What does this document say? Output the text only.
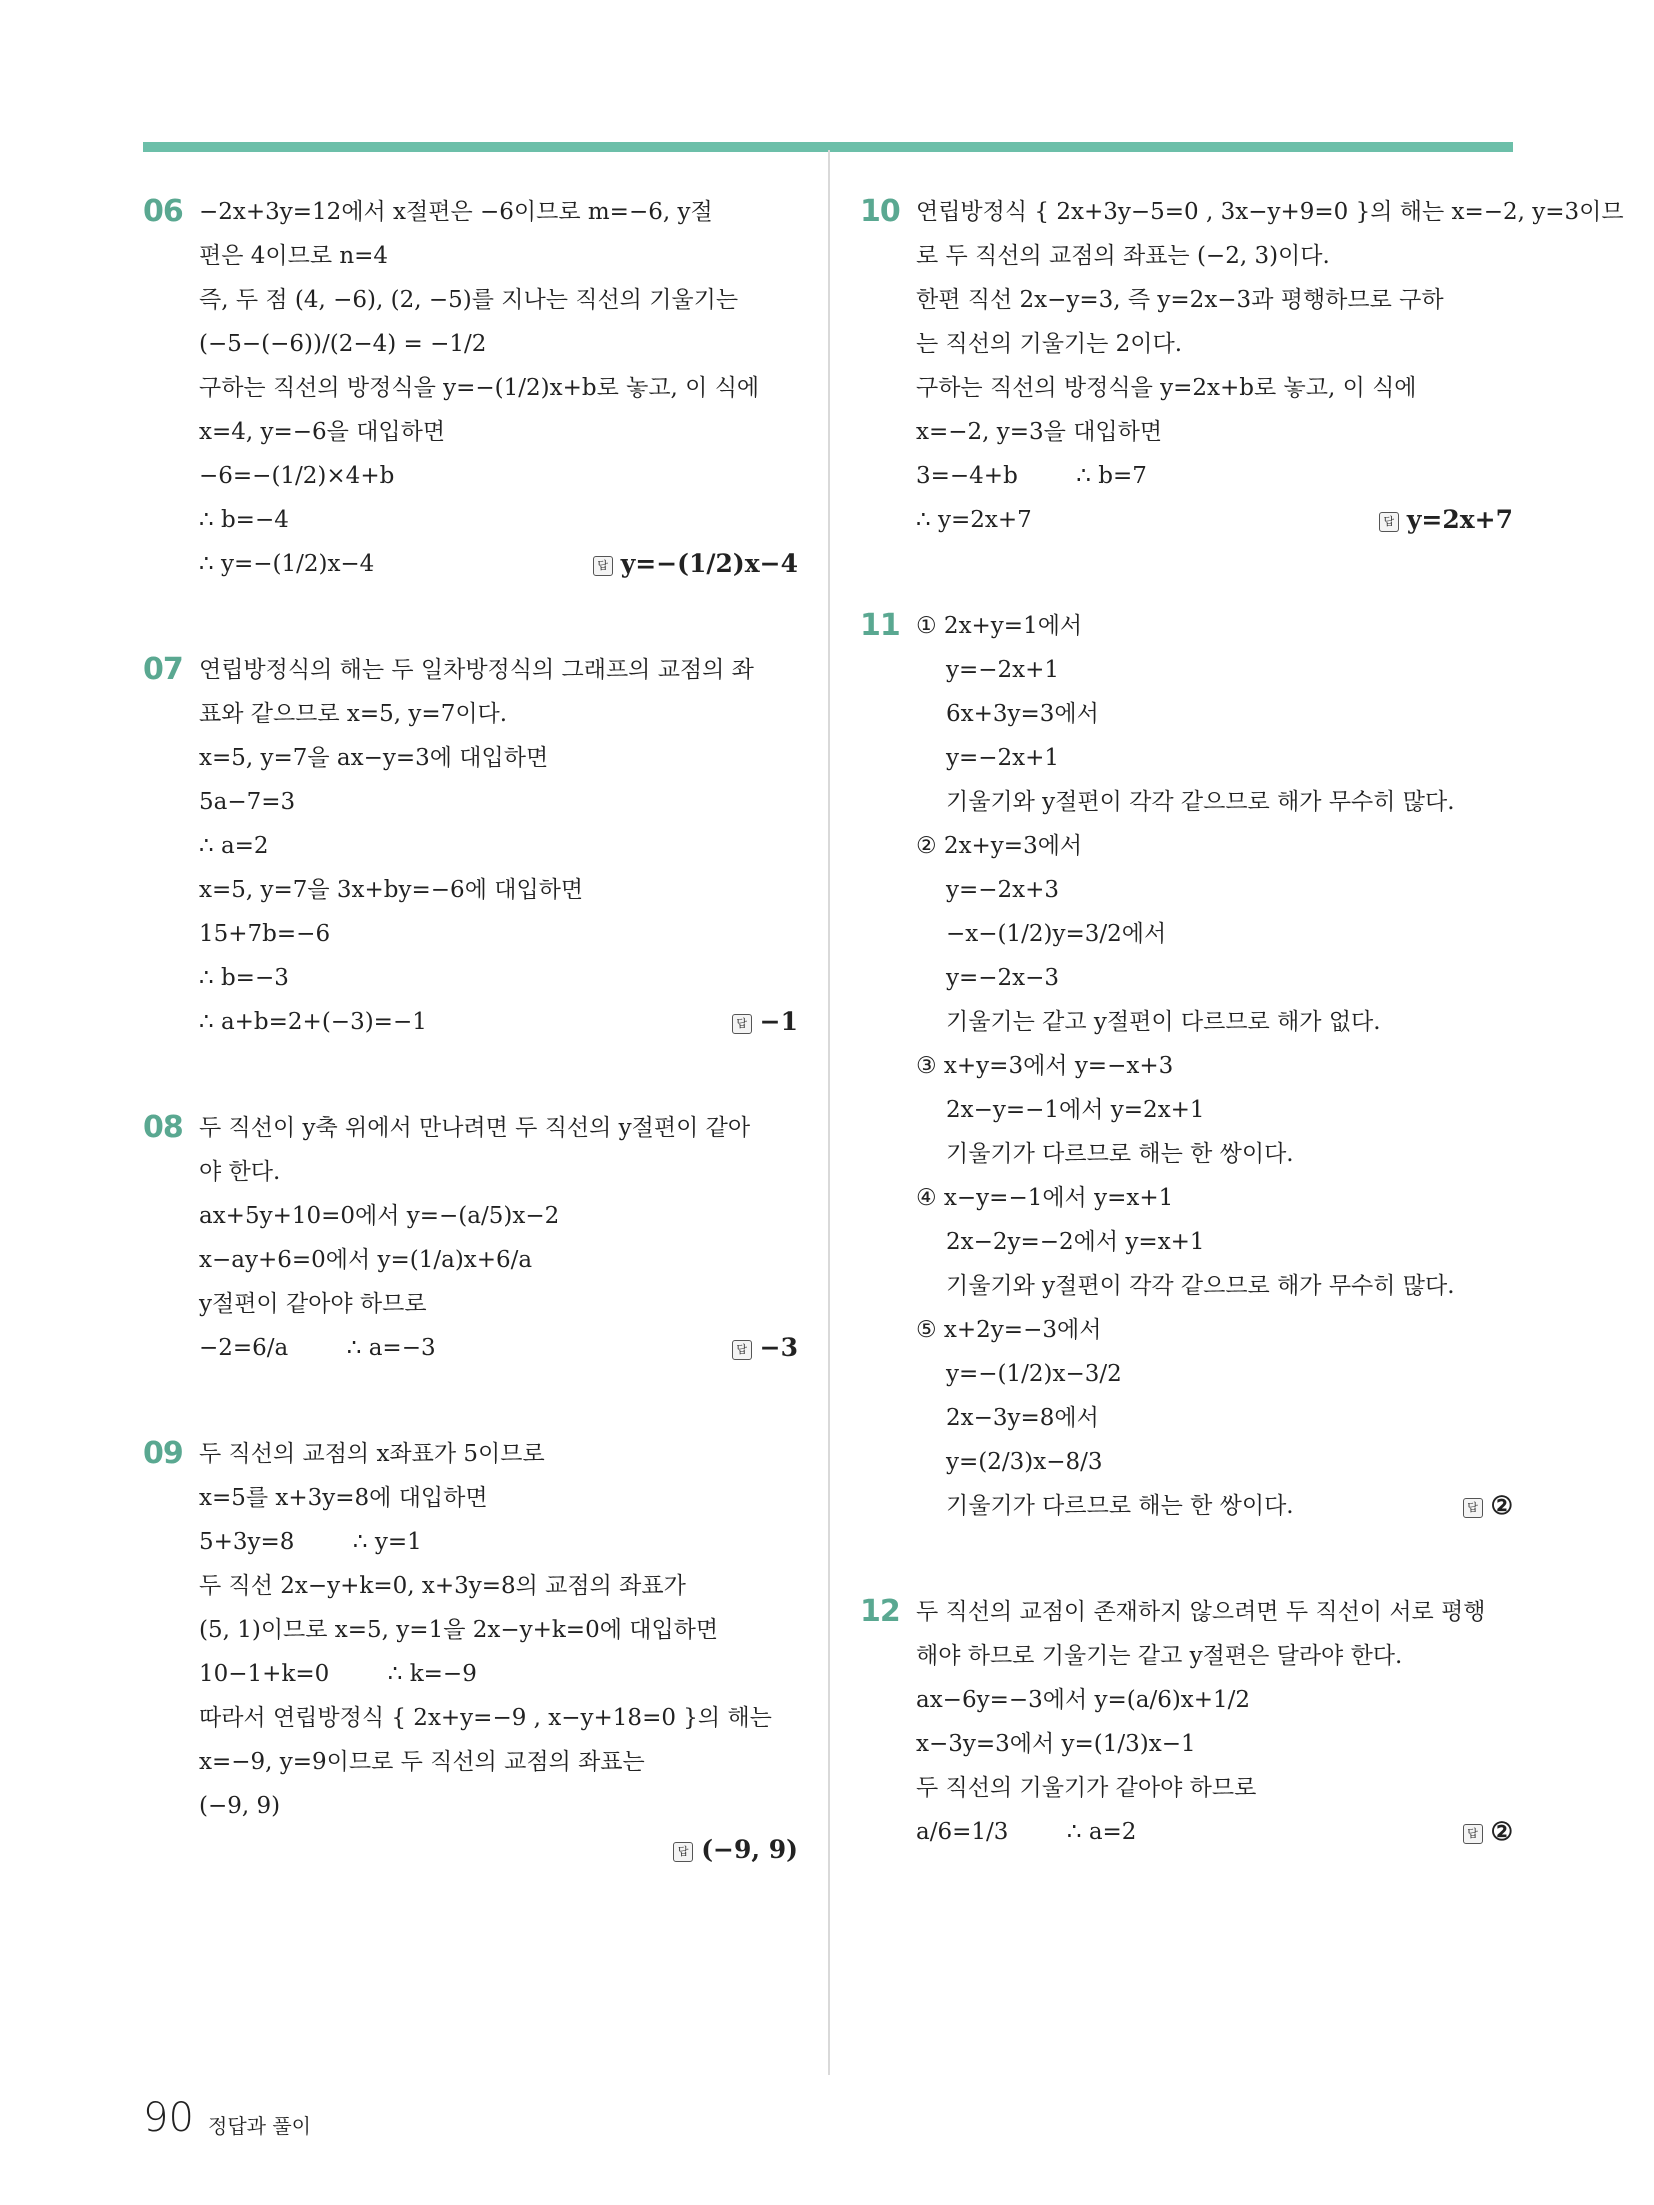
06 −2x+3y=12에서 x절편은 −6이므로 m=−6, y절
편은 4이므로 n=4
즉, 두 점 (4, −6), (2, −5)를 지나는 직선의 기울기는
(−5−(−6))/(2−4) = −1/2
구하는 직선의 방정식을 y=−(1/2)x+b로 놓고, 이 식에
x=4, y=−6을 대입하면
−6=−(1/2)×4+b
∴ b=−4
∴ y=−(1/2)x−4	답 y=−(1/2)x−4
07 연립방정식의 해는 두 일차방정식의 그래프의 교점의 좌
표와 같으므로 x=5, y=7이다.
x=5, y=7을 ax−y=3에 대입하면
5a−7=3
∴ a=2
x=5, y=7을 3x+by=−6에 대입하면
15+7b=−6
∴ b=−3
∴ a+b=2+(−3)=−1	답 −1
08 두 직선이 y축 위에서 만나려면 두 직선의 y절편이 같아
야 한다.
ax+5y+10=0에서 y=−(a/5)x−2
x−ay+6=0에서 y=(1/a)x+6/a
y절편이 같아야 하므로
−2=6/a        ∴ a=−3	답 −3
09 두 직선의 교점의 x좌표가 5이므로
x=5를 x+3y=8에 대입하면
5+3y=8        ∴ y=1
두 직선 2x−y+k=0, x+3y=8의 교점의 좌표가
(5, 1)이므로 x=5, y=1을 2x−y+k=0에 대입하면
10−1+k=0        ∴ k=−9
따라서 연립방정식 { 2x+y=−9 , x−y+18=0 }의 해는
x=−9, y=9이므로 두 직선의 교점의 좌표는
(−9, 9)

답 (−9, 9)
10 연립방정식 { 2x+3y−5=0 , 3x−y+9=0 }의 해는 x=−2, y=3이므
로 두 직선의 교점의 좌표는 (−2, 3)이다.
한편 직선 2x−y=3, 즉 y=2x−3과 평행하므로 구하
는 직선의 기울기는 2이다.
구하는 직선의 방정식을 y=2x+b로 놓고, 이 식에
x=−2, y=3을 대입하면
3=−4+b        ∴ b=7
∴ y=2x+7	답 y=2x+7
11 ① 2x+y=1에서
y=−2x+1
6x+3y=3에서
y=−2x+1
기울기와 y절편이 각각 같으므로 해가 무수히 많다.
② 2x+y=3에서
y=−2x+3
−x−(1/2)y=3/2에서
y=−2x−3
기울기는 같고 y절편이 다르므로 해가 없다.
③ x+y=3에서 y=−x+3
2x−y=−1에서 y=2x+1
기울기가 다르므로 해는 한 쌍이다.
④ x−y=−1에서 y=x+1
2x−2y=−2에서 y=x+1
기울기와 y절편이 각각 같으므로 해가 무수히 많다.
⑤ x+2y=−3에서
y=−(1/2)x−3/2
2x−3y=8에서
y=(2/3)x−8/3
기울기가 다르므로 해는 한 쌍이다.	답 ②
12 두 직선의 교점이 존재하지 않으려면 두 직선이 서로 평행
해야 하므로 기울기는 같고 y절편은 달라야 한다.
ax−6y=−3에서 y=(a/6)x+1/2
x−3y=3에서 y=(1/3)x−1
두 직선의 기울기가 같아야 하므로
a/6=1/3        ∴ a=2	답 ②
90 정답과 풀이
